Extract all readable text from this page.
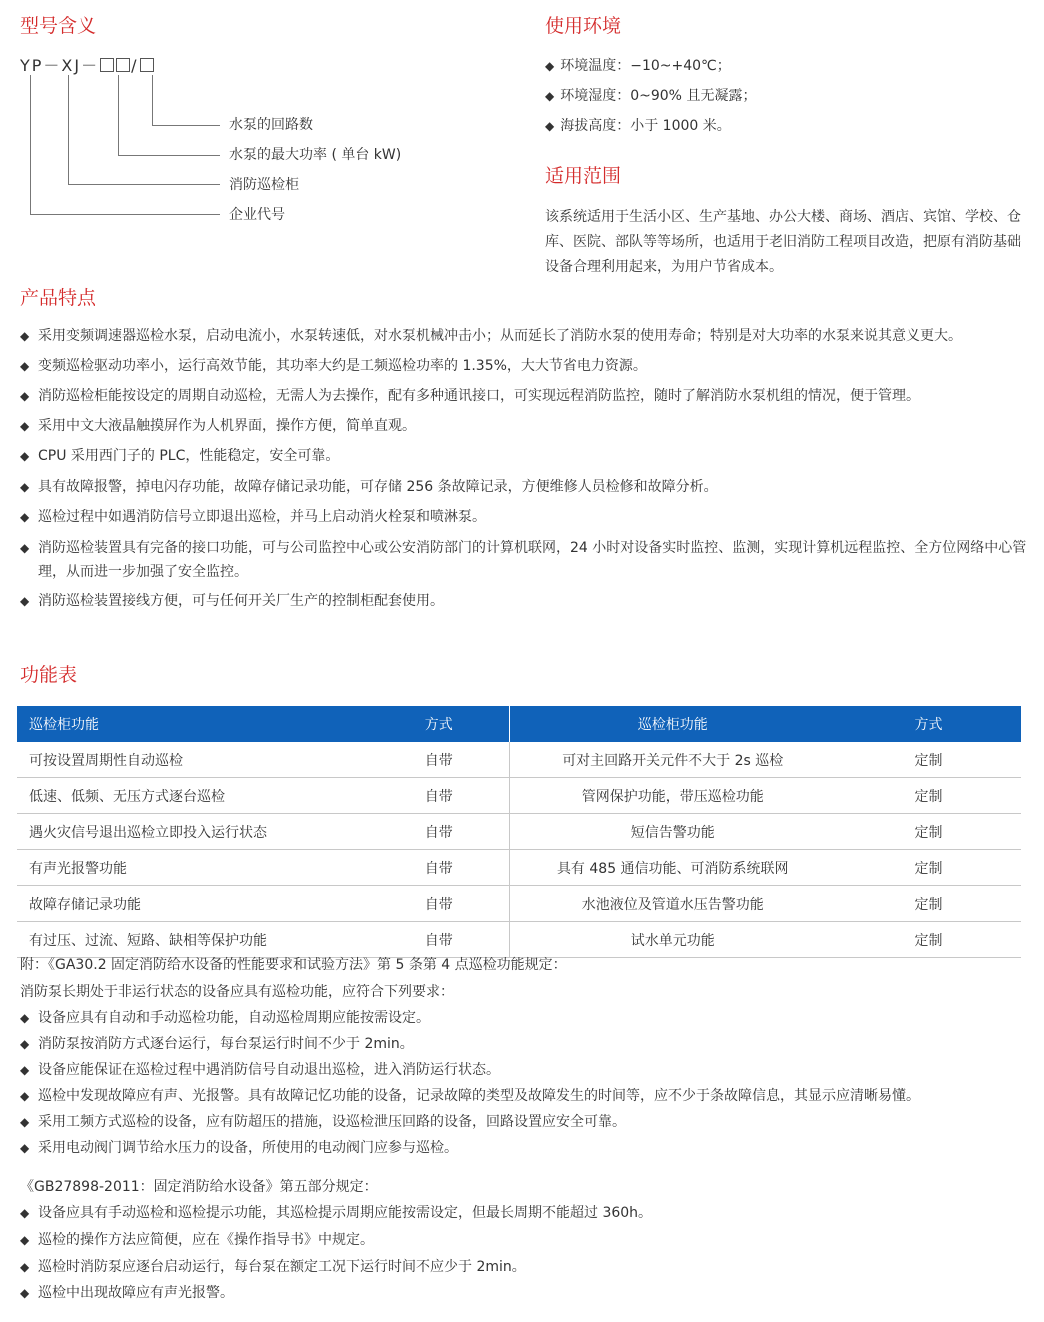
型号含义
YP－XJ－ /
水泵的回路数
水泵的最大功率 ( 单台 kW)
消防巡检柜
企业代号
使用环境
◆ 环境温度：−10~+40℃；
◆ 环境湿度：0~90% 且无凝露；
◆ 海拔高度：小于 1000 米。
适用范围
该系统适用于生活小区、生产基地、办公大楼、商场、酒店、宾馆、学校、仓库、医院、部队等等场所，也适用于老旧消防工程项目改造，把原有消防基础设备合理利用起来，为用户节省成本。
产品特点
◆ 采用变频调速器巡检水泵，启动电流小，水泵转速低，对水泵机械冲击小；从而延长了消防水泵的使用寿命；特别是对大功率的水泵来说其意义更大。
◆ 变频巡检驱动功率小，运行高效节能，其功率大约是工频巡检功率的 1.35%，大大节省电力资源。
◆ 消防巡检柜能按设定的周期自动巡检，无需人为去操作，配有多种通讯接口，可实现远程消防监控，随时了解消防水泵机组的情况，便于管理。
◆ 采用中文大液晶触摸屏作为人机界面，操作方便，简单直观。
◆ CPU 采用西门子的 PLC，性能稳定，安全可靠。
◆ 具有故障报警，掉电闪存功能，故障存储记录功能，可存储 256 条故障记录，方便维修人员检修和故障分析。
◆ 巡检过程中如遇消防信号立即退出巡检，并马上启动消火栓泵和喷淋泵。
◆ 消防巡检装置具有完备的接口功能，可与公司监控中心或公安消防部门的计算机联网，24 小时对设备实时监控、监测，实现计算机远程监控、全方位网络中心管理，从而进一步加强了安全监控。
◆ 消防巡检装置接线方便，可与任何开关厂生产的控制柜配套使用。
功能表
巡检柜功能	方式	巡检柜功能	方式
可按设置周期性自动巡检	自带	可对主回路开关元件不大于 2s 巡检	定制
低速、低频、无压方式逐台巡检	自带	管网保护功能，带压巡检功能	定制
遇火灾信号退出巡检立即投入运行状态	自带	短信告警功能	定制
有声光报警功能	自带	具有 485 通信功能、可消防系统联网	定制
故障存储记录功能	自带	水池液位及管道水压告警功能	定制
有过压、过流、短路、缺相等保护功能	自带	试水单元功能	定制
附：《GA30.2 固定消防给水设备的性能要求和试验方法》第 5 条第 4 点巡检功能规定：
消防泵长期处于非运行状态的设备应具有巡检功能，应符合下列要求：
◆ 设备应具有自动和手动巡检功能，自动巡检周期应能按需设定。
◆ 消防泵按消防方式逐台运行，每台泵运行时间不少于 2min。
◆ 设备应能保证在巡检过程中遇消防信号自动退出巡检，进入消防运行状态。
◆ 巡检中发现故障应有声、光报警。具有故障记忆功能的设备，记录故障的类型及故障发生的时间等，应不少于条故障信息，其显示应清晰易懂。
◆ 采用工频方式巡检的设备，应有防超压的措施，设巡检泄压回路的设备，回路设置应安全可靠。
◆ 采用电动阀门调节给水压力的设备，所使用的电动阀门应参与巡检。
《GB27898-2011：固定消防给水设备》第五部分规定：
◆ 设备应具有手动巡检和巡检提示功能，其巡检提示周期应能按需设定，但最长周期不能超过 360h。
◆ 巡检的操作方法应简便，应在《操作指导书》中规定。
◆ 巡检时消防泵应逐台启动运行，每台泵在额定工况下运行时间不应少于 2min。
◆ 巡检中出现故障应有声光报警。
